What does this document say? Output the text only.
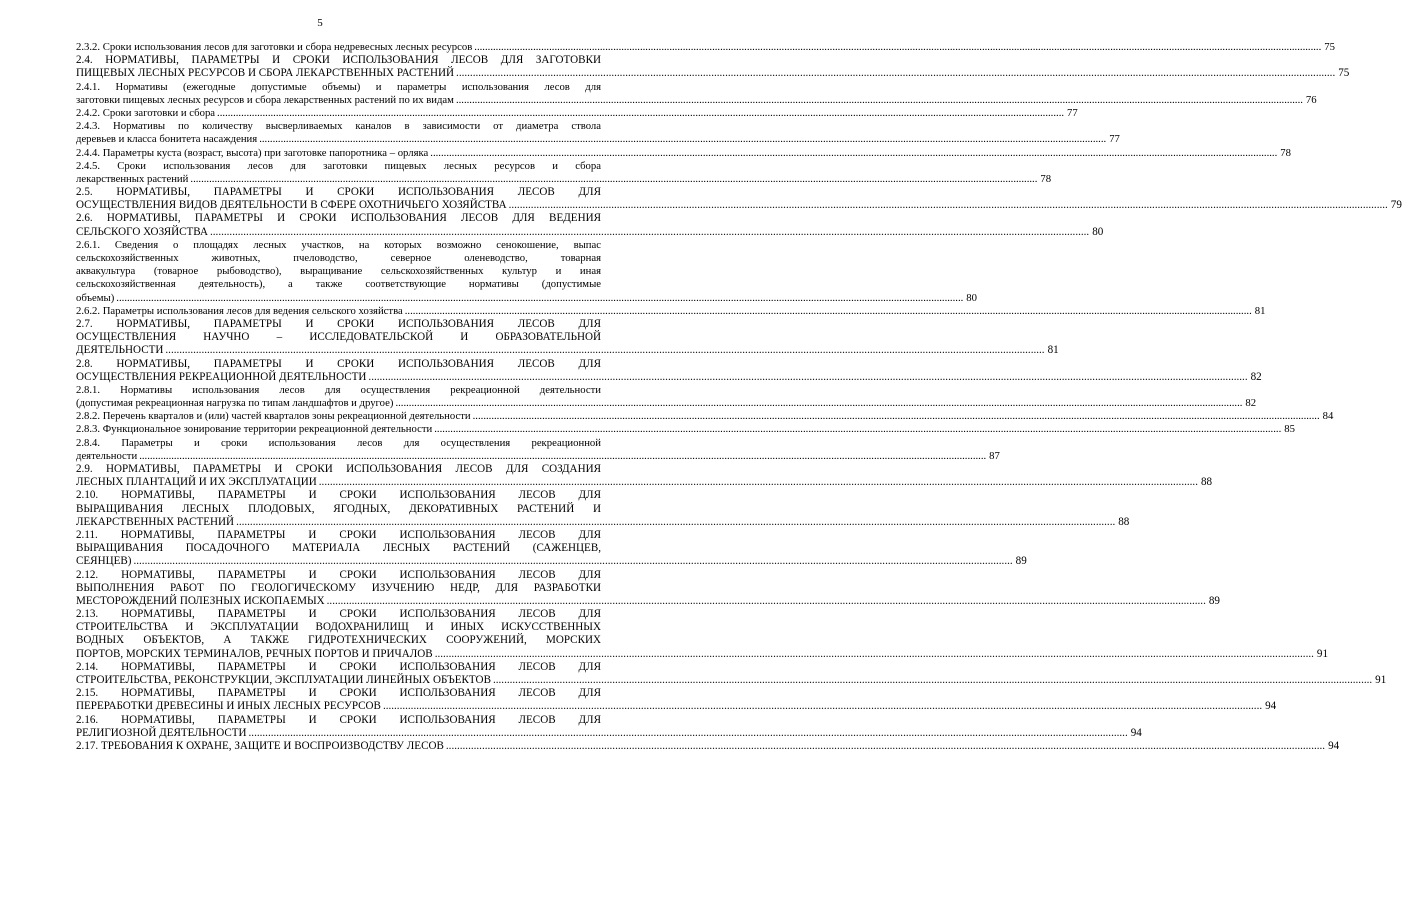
5
2.3.2. Сроки использования лесов для заготовки и сбора недревесных лесных ресурсов .....	75
2.4. НОРМАТИВЫ, ПАРАМЕТРЫ И СРОКИ ИСПОЛЬЗОВАНИЯ ЛЕСОВ ДЛЯ ЗАГОТОВКИ
ПИЩЕВЫХ ЛЕСНЫХ РЕСУРСОВ И СБОРА ЛЕКАРСТВЕННЫХ РАСТЕНИЙ .....	75
2.4.1. Нормативы (ежегодные допустимые объемы) и параметры использования лесов для
заготовки пищевых лесных ресурсов и сбора лекарственных растений по их видам .....	76
2.4.2. Сроки заготовки и сбора .....	77
2.4.3. Нормативы по количеству высверливаемых каналов в зависимости от диаметра ствола
деревьев и класса бонитета насаждения .....	77
2.4.4. Параметры куста (возраст, высота) при заготовке папоротника – орляка .....	78
2.4.5. Сроки использования лесов для заготовки пищевых лесных ресурсов и сбора
лекарственных растений .....	78
2.5. НОРМАТИВЫ, ПАРАМЕТРЫ И СРОКИ ИСПОЛЬЗОВАНИЯ ЛЕСОВ ДЛЯ
ОСУЩЕСТВЛЕНИЯ ВИДОВ ДЕЯТЕЛЬНОСТИ В СФЕРЕ ОХОТНИЧЬЕГО ХОЗЯЙСТВА .....	79
2.6. НОРМАТИВЫ, ПАРАМЕТРЫ И СРОКИ ИСПОЛЬЗОВАНИЯ ЛЕСОВ ДЛЯ ВЕДЕНИЯ
СЕЛЬСКОГО ХОЗЯЙСТВА .....	80
2.6.1. Сведения о площадях лесных участков, на которых возможно сенокошение, выпас
сельскохозяйственных животных, пчеловодство, северное оленеводство, товарная
аквакультура (товарное рыбоводство), выращивание сельскохозяйственных культур и иная
сельскохозяйственная деятельность), а также соответствующие нормативы (допустимые
объемы) .....	80
2.6.2. Параметры использования лесов для ведения сельского хозяйства .....	81
2.7. НОРМАТИВЫ, ПАРАМЕТРЫ И СРОКИ ИСПОЛЬЗОВАНИЯ ЛЕСОВ ДЛЯ
ОСУЩЕСТВЛЕНИЯ НАУЧНО – ИССЛЕДОВАТЕЛЬСКОЙ И ОБРАЗОВАТЕЛЬНОЙ
ДЕЯТЕЛЬНОСТИ .....	81
2.8. НОРМАТИВЫ, ПАРАМЕТРЫ И СРОКИ ИСПОЛЬЗОВАНИЯ ЛЕСОВ ДЛЯ
ОСУЩЕСТВЛЕНИЯ РЕКРЕАЦИОННОЙ ДЕЯТЕЛЬНОСТИ .....	82
2.8.1. Нормативы использования лесов для осуществления рекреационной деятельности
(допустимая рекреационная нагрузка по типам ландшафтов и другое) .....	82
2.8.2. Перечень кварталов и (или) частей кварталов зоны рекреационной деятельности .....	84
2.8.3. Функциональное зонирование территории рекреационной деятельности .....	85
2.8.4. Параметры и сроки использования лесов для осуществления рекреационной
деятельности .....	87
2.9. НОРМАТИВЫ, ПАРАМЕТРЫ И СРОКИ ИСПОЛЬЗОВАНИЯ ЛЕСОВ ДЛЯ СОЗДАНИЯ
ЛЕСНЫХ ПЛАНТАЦИЙ И ИХ ЭКСПЛУАТАЦИИ .....	88
2.10. НОРМАТИВЫ, ПАРАМЕТРЫ И СРОКИ ИСПОЛЬЗОВАНИЯ ЛЕСОВ ДЛЯ
ВЫРАЩИВАНИЯ ЛЕСНЫХ ПЛОДОВЫХ, ЯГОДНЫХ, ДЕКОРАТИВНЫХ РАСТЕНИЙ И
ЛЕКАРСТВЕННЫХ РАСТЕНИЙ .....	88
2.11. НОРМАТИВЫ, ПАРАМЕТРЫ И СРОКИ ИСПОЛЬЗОВАНИЯ ЛЕСОВ ДЛЯ
ВЫРАЩИВАНИЯ ПОСАДОЧНОГО МАТЕРИАЛА ЛЕСНЫХ РАСТЕНИЙ (САЖЕНЦЕВ,
СЕЯНЦЕВ) .....	89
2.12. НОРМАТИВЫ, ПАРАМЕТРЫ И СРОКИ ИСПОЛЬЗОВАНИЯ ЛЕСОВ ДЛЯ
ВЫПОЛНЕНИЯ РАБОТ ПО ГЕОЛОГИЧЕСКОМУ ИЗУЧЕНИЮ НЕДР, ДЛЯ РАЗРАБОТКИ
МЕСТОРОЖДЕНИЙ ПОЛЕЗНЫХ ИСКОПАЕМЫХ .....	89
2.13. НОРМАТИВЫ, ПАРАМЕТРЫ И СРОКИ ИСПОЛЬЗОВАНИЯ ЛЕСОВ ДЛЯ
СТРОИТЕЛЬСТВА И ЭКСПЛУАТАЦИИ ВОДОХРАНИЛИЩ И ИНЫХ ИСКУССТВЕННЫХ
ВОДНЫХ ОБЪЕКТОВ, А ТАКЖЕ ГИДРОТЕХНИЧЕСКИХ СООРУЖЕНИЙ, МОРСКИХ
ПОРТОВ, МОРСКИХ ТЕРМИНАЛОВ, РЕЧНЫХ ПОРТОВ И ПРИЧАЛОВ .....	91
2.14. НОРМАТИВЫ, ПАРАМЕТРЫ И СРОКИ ИСПОЛЬЗОВАНИЯ ЛЕСОВ ДЛЯ
СТРОИТЕЛЬСТВА, РЕКОНСТРУКЦИИ, ЭКСПЛУАТАЦИИ ЛИНЕЙНЫХ ОБЪЕКТОВ .....	91
2.15. НОРМАТИВЫ, ПАРАМЕТРЫ И СРОКИ ИСПОЛЬЗОВАНИЯ ЛЕСОВ ДЛЯ
ПЕРЕРАБОТКИ ДРЕВЕСИНЫ И ИНЫХ ЛЕСНЫХ РЕСУРСОВ .....	94
2.16. НОРМАТИВЫ, ПАРАМЕТРЫ И СРОКИ ИСПОЛЬЗОВАНИЯ ЛЕСОВ ДЛЯ
РЕЛИГИОЗНОЙ ДЕЯТЕЛЬНОСТИ .....	94
2.17. ТРЕБОВАНИЯ К ОХРАНЕ, ЗАЩИТЕ И ВОСПРОИЗВОДСТВУ ЛЕСОВ .....	94
